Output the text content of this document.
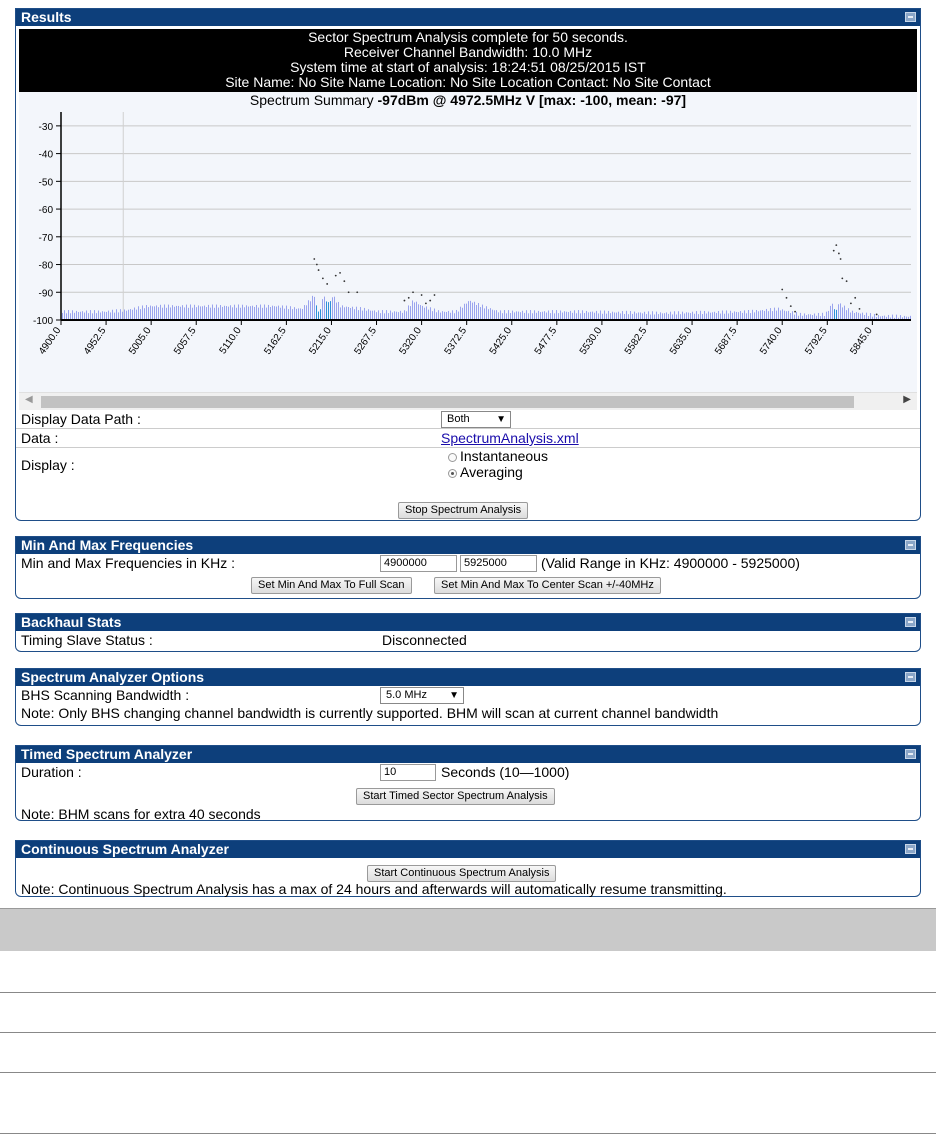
Results
Sector Spectrum Analysis complete for 50 seconds.
Receiver Channel Bandwidth: 10.0 MHz
System time at start of analysis: 18:24:51 08/25/2015 IST
Site Name: No Site Name Location: No Site Location Contact: No Site Contact
Spectrum Summary -97dBm @ 4972.5MHz V [max: -100, mean: -97]
-30
-40
-50
-60
-70
-80
-90
-100
4900.0 4952.5 5005.0 5057.5 5110.0 5162.5 5215.0 5267.5 5320.0 5372.5 5425.0 5477.5 5530.0 5582.5 5635.0 5687.5 5740.0 5792.5 5845.0
◀	▶
Display Data Path :	Both	▼
Data :	SpectrumAnalysis.xml
Display :
Instantaneous
Averaging
Stop Spectrum Analysis
Min And Max Frequencies
Min and Max Frequencies in KHz :	4900000	5925000	(Valid Range in KHz: 4900000 - 5925000)
Set Min And Max To Full Scan	Set Min And Max To Center Scan +/-40MHz
Backhaul Stats
Timing Slave Status :	Disconnected
Spectrum Analyzer Options
BHS Scanning Bandwidth :	5.0 MHz ▼
Note: Only BHS changing channel bandwidth is currently supported. BHM will scan at current channel bandwidth
Timed Spectrum Analyzer
Duration :	10	Seconds (10—1000)
Start Timed Sector Spectrum Analysis
Note: BHM scans for extra 40 seconds
Continuous Spectrum Analyzer
Start Continuous Spectrum Analysis
Note: Continuous Spectrum Analysis has a max of 24 hours and afterwards will automatically resume transmitting.
